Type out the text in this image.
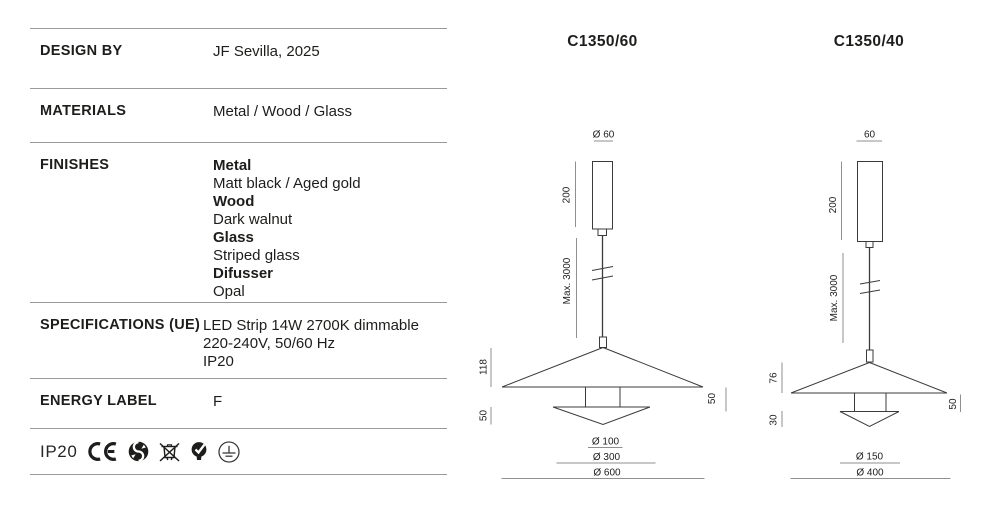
DESIGN BY	JF Sevilla, 2025
MATERIALS	Metal / Wood / Glass
FINISHES	Metal
Matt black / Aged gold
Wood
Dark walnut
Glass
Striped glass
Difusser
Opal
SPECIFICATIONS (UE) LED Strip 14W 2700K dimmable
220-240V, 50/60 Hz
IP20
ENERGY LABEL	F
IP20
C1350/60
Ø 60
200
Max. 3000
118
50
50
Ø 100
Ø 300
Ø 600
C1350/40
60
200
Max. 3000
76
30
50
Ø 150
Ø 400
